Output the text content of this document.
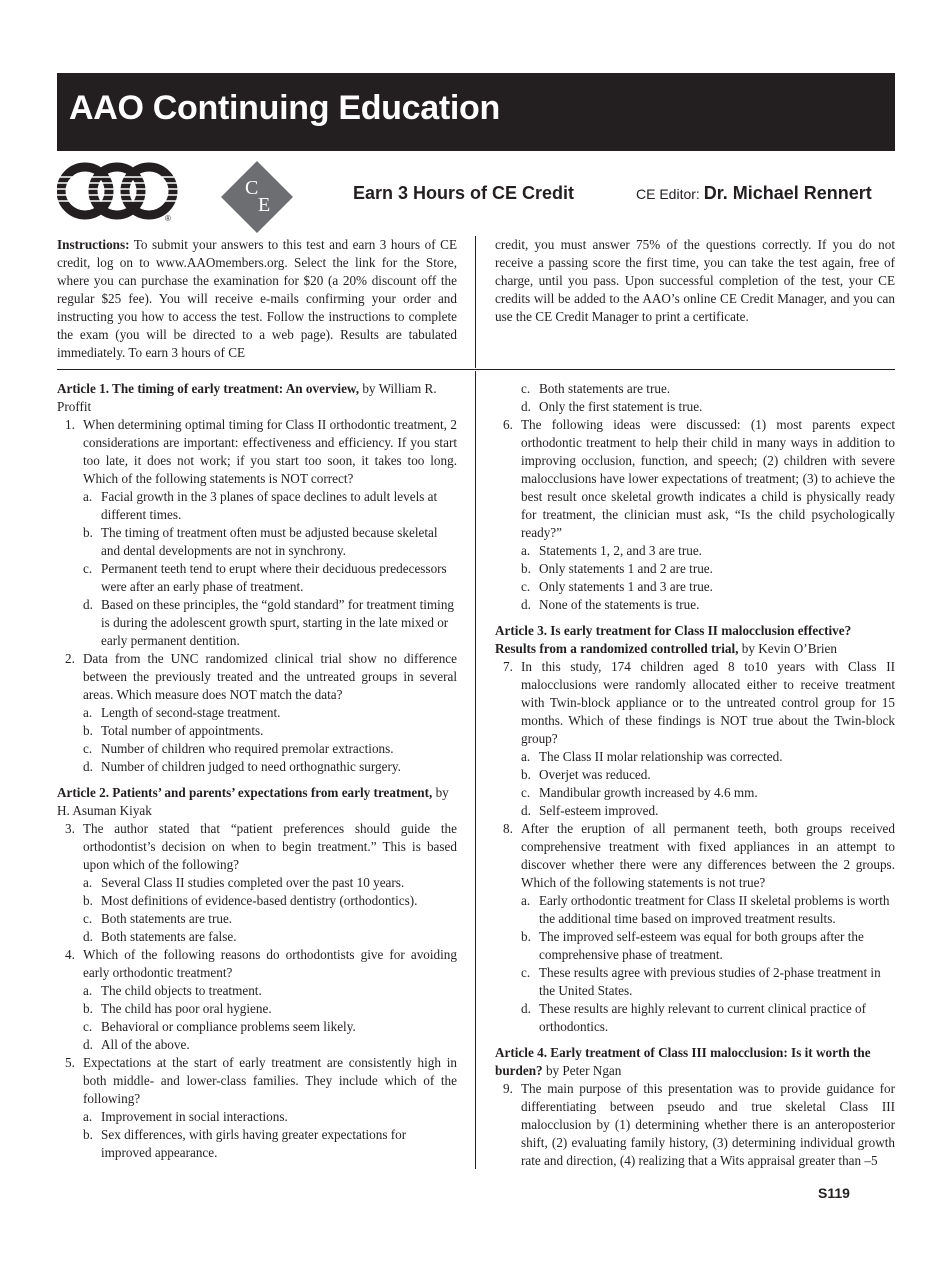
AAO Continuing Education
®
C
E
Earn 3 Hours of CE Credit	CE Editor: Dr. Michael Rennert

Instructions: To submit your answers to this test and earn 3 hours of CE credit, log on to www.AAOmembers.org. Select the link for the Store, where you can purchase the examination for $20 (a 20% discount off the regular $25 fee). You will receive e-mails confirming your order and instructing you how to access the test. Follow the instructions to complete the exam (you will be directed to a web page). Results are tabulated immediately. To earn 3 hours of CE

credit, you must answer 75% of the questions correctly. If you do not receive a passing score the first time, you can take the test again, free of charge, until you pass. Upon successful completion of the test, your CE credits will be added to the AAO’s online CE Credit Manager, and you can use the CE Credit Manager to print a certificate.

Article 1. The timing of early treatment: An overview, by William R. Proffit

1. When determining optimal timing for Class II orthodontic treatment, 2 considerations are important: effectiveness and efficiency. If you start too late, it does not work; if you start too soon, it takes too long. Which of the following statements is NOT correct?
a. Facial growth in the 3 planes of space declines to adult levels at different times.
b. The timing of treatment often must be adjusted because skeletal and dental developments are not in synchrony.
c. Permanent teeth tend to erupt where their deciduous predecessors were after an early phase of treatment.
d. Based on these principles, the “gold standard” for treatment timing is during the adolescent growth spurt, starting in the late mixed or early permanent dentition.
2. Data from the UNC randomized clinical trial show no difference between the previously treated and the untreated groups in several areas. Which measure does NOT match the data?
a. Length of second-stage treatment.
b. Total number of appointments.
c. Number of children who required premolar extractions.
d. Number of children judged to need orthognathic surgery.

Article 2. Patients’ and parents’ expectations from early treatment, by H. Asuman Kiyak

3. The author stated that “patient preferences should guide the orthodontist’s decision on when to begin treatment.” This is based upon which of the following?
a. Several Class II studies completed over the past 10 years.
b. Most definitions of evidence-based dentistry (orthodontics).
c. Both statements are true.
d. Both statements are false.
4. Which of the following reasons do orthodontists give for avoiding early orthodontic treatment?
a. The child objects to treatment.
b. The child has poor oral hygiene.
c. Behavioral or compliance problems seem likely.
d. All of the above.
5. Expectations at the start of early treatment are consistently high in both middle- and lower-class families. They include which of the following?
a. Improvement in social interactions.
b. Sex differences, with girls having greater expectations for improved appearance.
c. Both statements are true.
d. Only the first statement is true.
6. The following ideas were discussed: (1) most parents expect orthodontic treatment to help their child in many ways in addition to improving occlusion, function, and speech; (2) children with severe malocclusions have lower expectations of treatment; (3) to achieve the best result once skeletal growth indicates a child is physically ready for treatment, the clinician must ask, “Is the child psychologically ready?”
a. Statements 1, 2, and 3 are true.
b. Only statements 1 and 2 are true.
c. Only statements 1 and 3 are true.
d. None of the statements is true.

Article 3. Is early treatment for Class II malocclusion effective? Results from a randomized controlled trial, by Kevin O’Brien

7. In this study, 174 children aged 8 to10 years with Class II malocclusions were randomly allocated either to receive treatment with Twin-block appliance or to the untreated control group for 15 months. Which of these findings is NOT true about the Twin-block group?
a. The Class II molar relationship was corrected.
b. Overjet was reduced.
c. Mandibular growth increased by 4.6 mm.
d. Self-esteem improved.
8. After the eruption of all permanent teeth, both groups received comprehensive treatment with fixed appliances in an attempt to discover whether there were any differences between the 2 groups. Which of the following statements is not true?
a. Early orthodontic treatment for Class II skeletal problems is worth the additional time based on improved treatment results.
b. The improved self-esteem was equal for both groups after the comprehensive phase of treatment.
c. These results agree with previous studies of 2-phase treatment in the United States.
d. These results are highly relevant to current clinical practice of orthodontics.

Article 4. Early treatment of Class III malocclusion: Is it worth the burden? by Peter Ngan

9. The main purpose of this presentation was to provide guidance for differentiating between pseudo and true skeletal Class III malocclusion by (1) determining whether there is an anteroposterior shift, (2) evaluating family history, (3) determining individual growth rate and direction, (4) realizing that a Wits appraisal greater than –5
S119
